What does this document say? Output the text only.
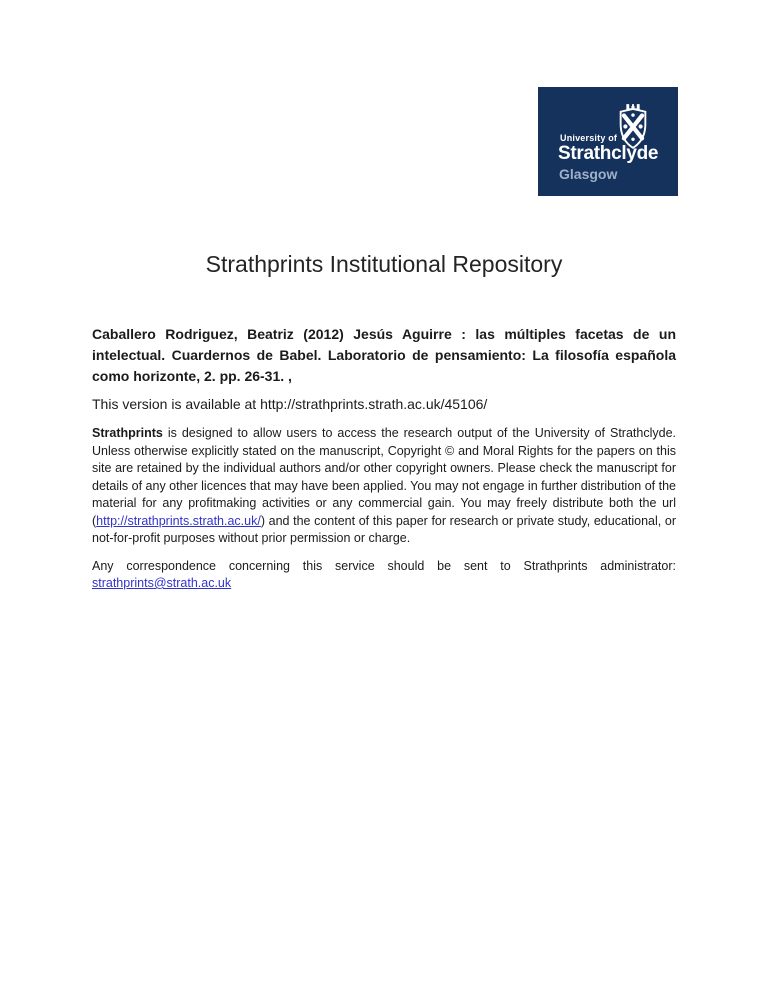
University of
Strathclyde
Glasgow
Strathprints Institutional Repository

Caballero Rodriguez, Beatriz (2012) Jesús Aguirre : las múltiples facetas de un intelectual. Cuardernos de Babel. Laboratorio de pensamiento: La filosofía española como horizonte, 2. pp. 26-31. ,

This version is available at http://strathprints.strath.ac.uk/45106/

Strathprints is designed to allow users to access the research output of the University of Strathclyde. Unless otherwise explicitly stated on the manuscript, Copyright © and Moral Rights for the papers on this site are retained by the individual authors and/or other copyright owners. Please check the manuscript for details of any other licences that may have been applied. You may not engage in further distribution of the material for any profitmaking activities or any commercial gain. You may freely distribute both the url (http://strathprints.strath.ac.uk/) and the content of this paper for research or private study, educational, or not-for-profit purposes without prior permission or charge.

Any correspondence concerning this service should be sent to Strathprints administrator: strathprints@strath.ac.uk
